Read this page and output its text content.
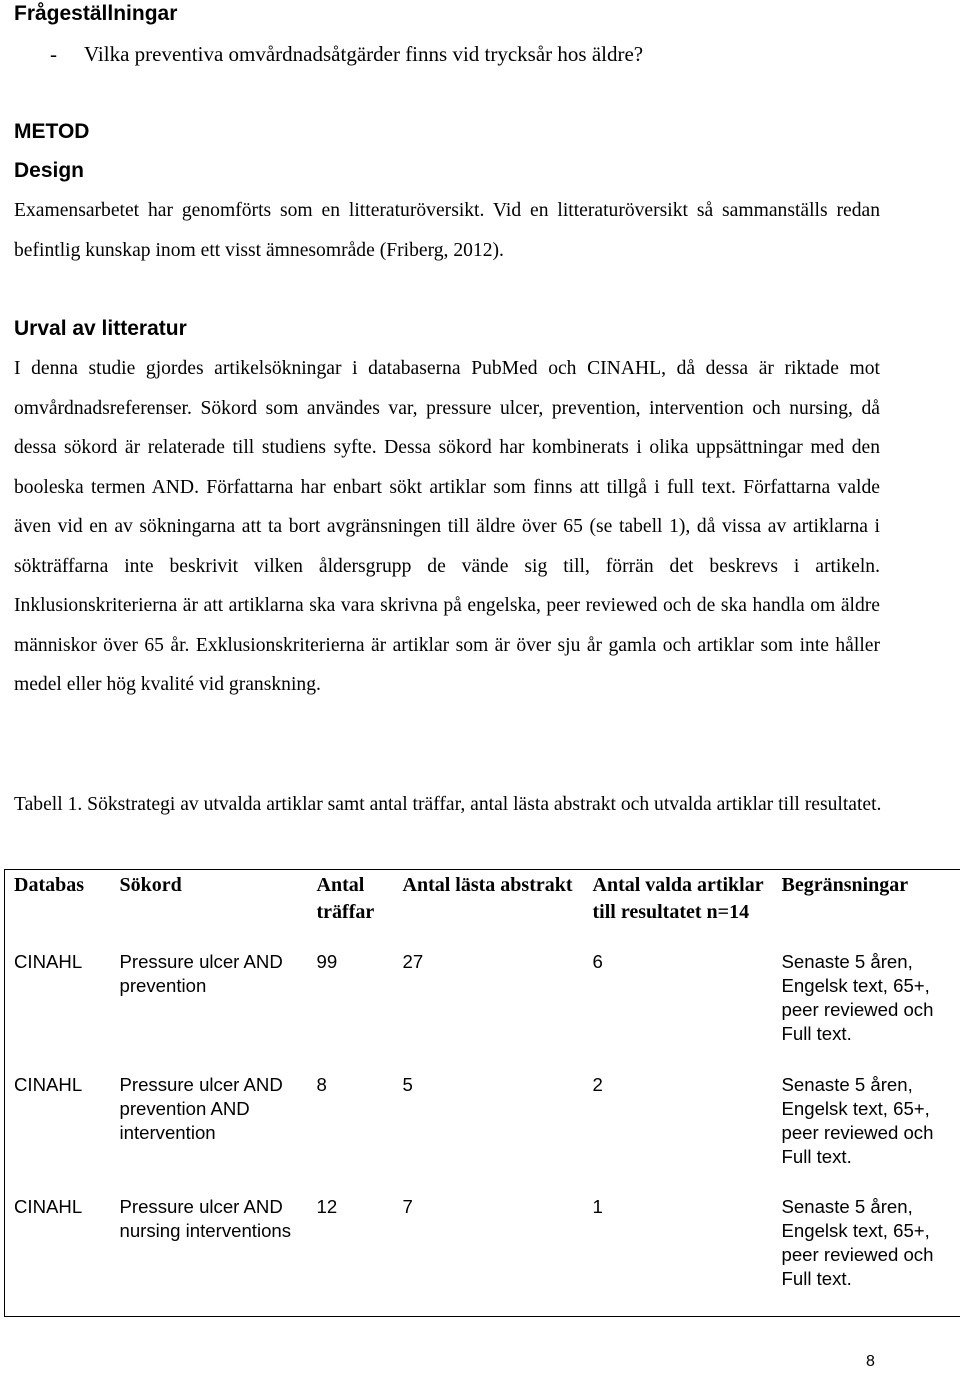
Frågeställningar
- Vilka preventiva omvårdnadsåtgärder finns vid trycksår hos äldre?
METOD
Design

Examensarbetet har genomförts som en litteraturöversikt. Vid en litteraturöversikt så sammanställs redan befintlig kunskap inom ett visst ämnesområde (Friberg, 2012).

Urval av litteratur

I denna studie gjordes artikelsökningar i databaserna PubMed och CINAHL, då dessa är riktade mot omvårdnadsreferenser. Sökord som användes var, pressure ulcer, prevention, intervention och nursing, då dessa sökord är relaterade till studiens syfte. Dessa sökord har kombinerats i olika uppsättningar med den booleska termen AND. Författarna har enbart sökt artiklar som finns att tillgå i full text. Författarna valde även vid en av sökningarna att ta bort avgränsningen till äldre över 65 (se tabell 1), då vissa av artiklarna i sökträffarna inte beskrivit vilken åldersgrupp de vände sig till, förrän det beskrevs i artikeln. Inklusionskriterierna är att artiklarna ska vara skrivna på engelska, peer reviewed och de ska handla om äldre människor över 65 år. Exklusionskriterierna är artiklar som är över sju år gamla och artiklar som inte håller medel eller hög kvalité vid granskning.

Tabell 1. Sökstrategi av utvalda artiklar samt antal träffar, antal lästa abstrakt och utvalda artiklar till resultatet.

Databas	Sökord	Antal träffar	Antal lästa abstrakt	Antal valda artiklar till resultatet n=14	Begränsningar
CINAHL	Pressure ulcer AND prevention	99	27	6	Senaste 5 åren, Engelsk text, 65+, peer reviewed och Full text.
CINAHL	Pressure ulcer AND prevention AND intervention	8	5	2	Senaste 5 åren, Engelsk text, 65+, peer reviewed och Full text.
CINAHL	Pressure ulcer AND nursing interventions	12	7	1	Senaste 5 åren, Engelsk text, 65+, peer reviewed och Full text.
8
